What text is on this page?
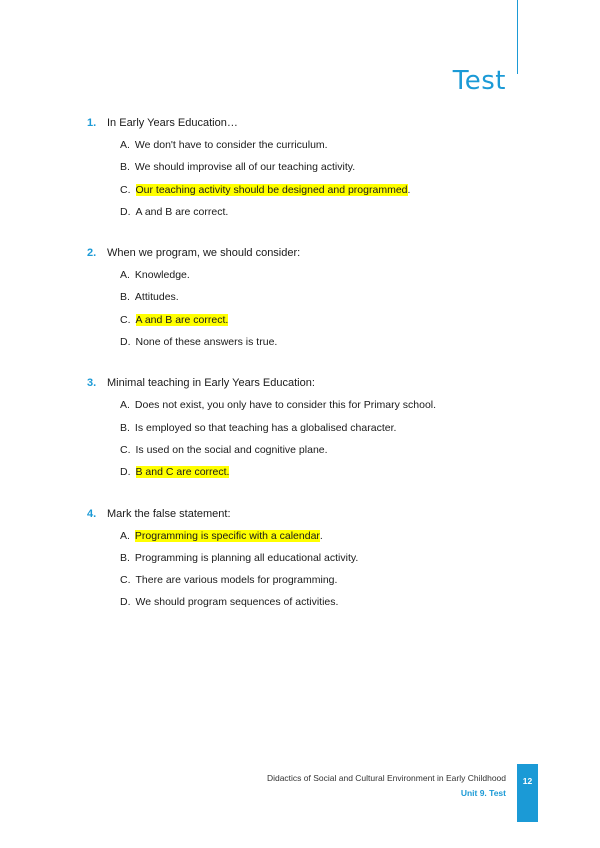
Test
1. In Early Years Education…
A. We don't have to consider the curriculum.
B. We should improvise all of our teaching activity.
C. Our teaching activity should be designed and programmed .
D. A and B are correct.
2. When we program, we should consider:
A. Knowledge.
B. Attitudes.
C. A and B are correct.
D. None of these answers is true.
3. Minimal teaching in Early Years Education:
A. Does not exist, you only have to consider this for Primary school.
B. Is employed so that teaching has a globalised character.
C. Is used on the social and cognitive plane.
D. B and C are correct.
4. Mark the false statement:
A. Programming is specific with a calendar .
B. Programming is planning all educational activity.
C. There are various models for programming.
D. We should program sequences of activities.
Didactics of Social and Cultural Environment in Early Childhood
Unit 9. Test
12
